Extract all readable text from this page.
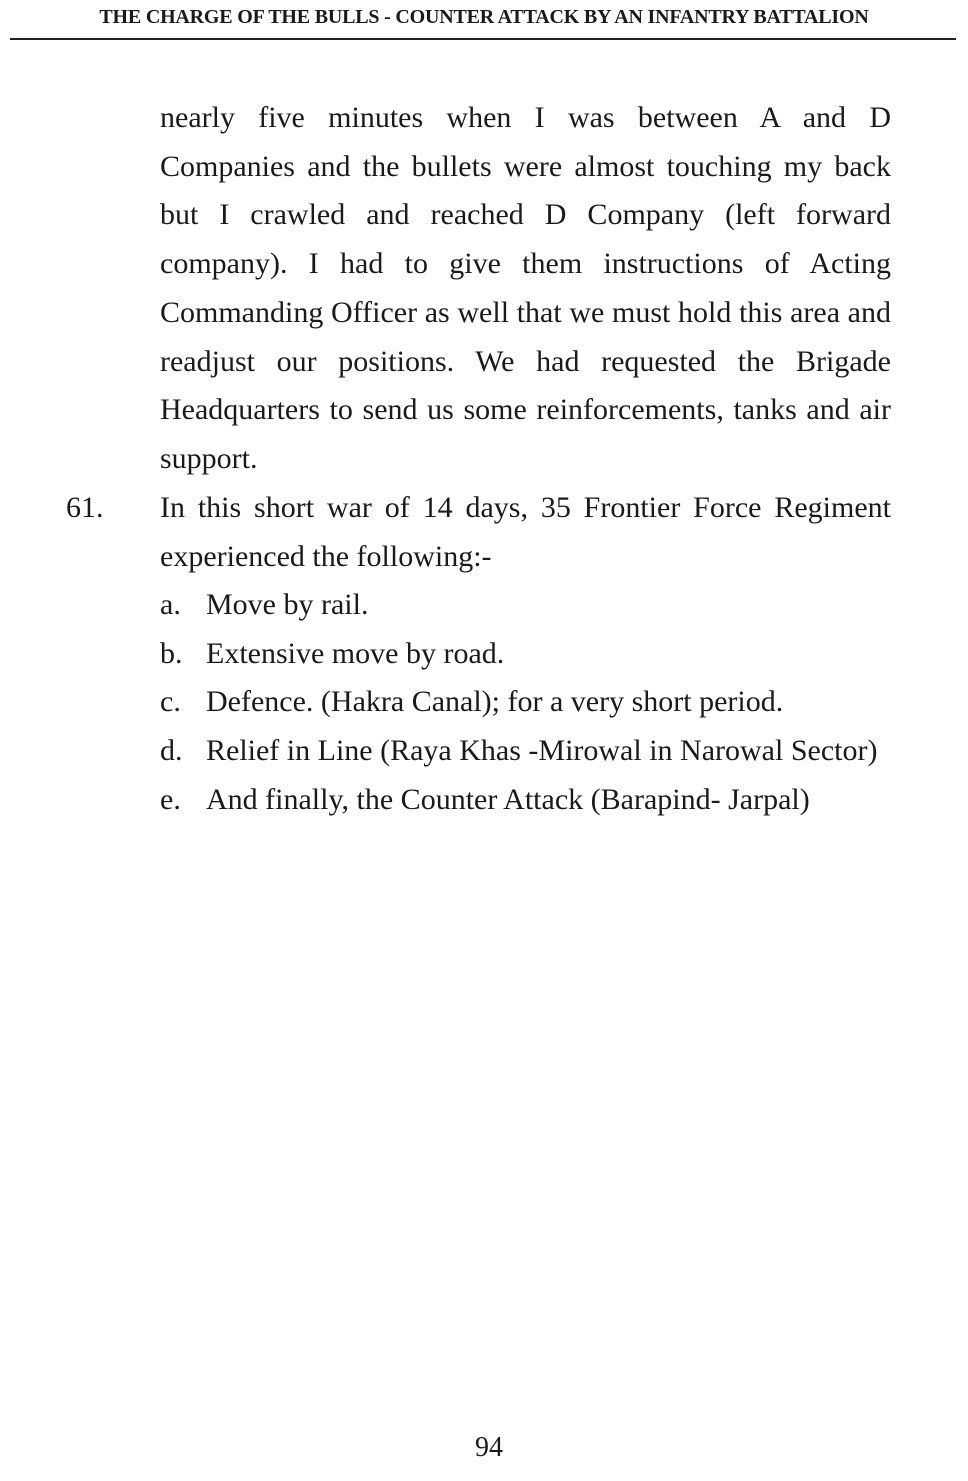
THE CHARGE OF THE BULLS - COUNTER ATTACK BY AN INFANTRY BATTALION
nearly five minutes when I was between A and D Companies and the bullets were almost touching my back but I crawled and reached D Company (left forward company). I had to give them instructions of Acting Commanding Officer as well that we must hold this area and readjust our positions. We had requested the Brigade Headquarters to send us some reinforcements, tanks and air support.
61. In this short war of 14 days, 35 Frontier Force Regiment experienced the following:-
a. Move by rail.
b. Extensive move by road.
c. Defence. (Hakra Canal); for a very short period.
d. Relief in Line (Raya Khas -Mirowal in Narowal Sector)
e. And finally, the Counter Attack (Barapind- Jarpal)
94
